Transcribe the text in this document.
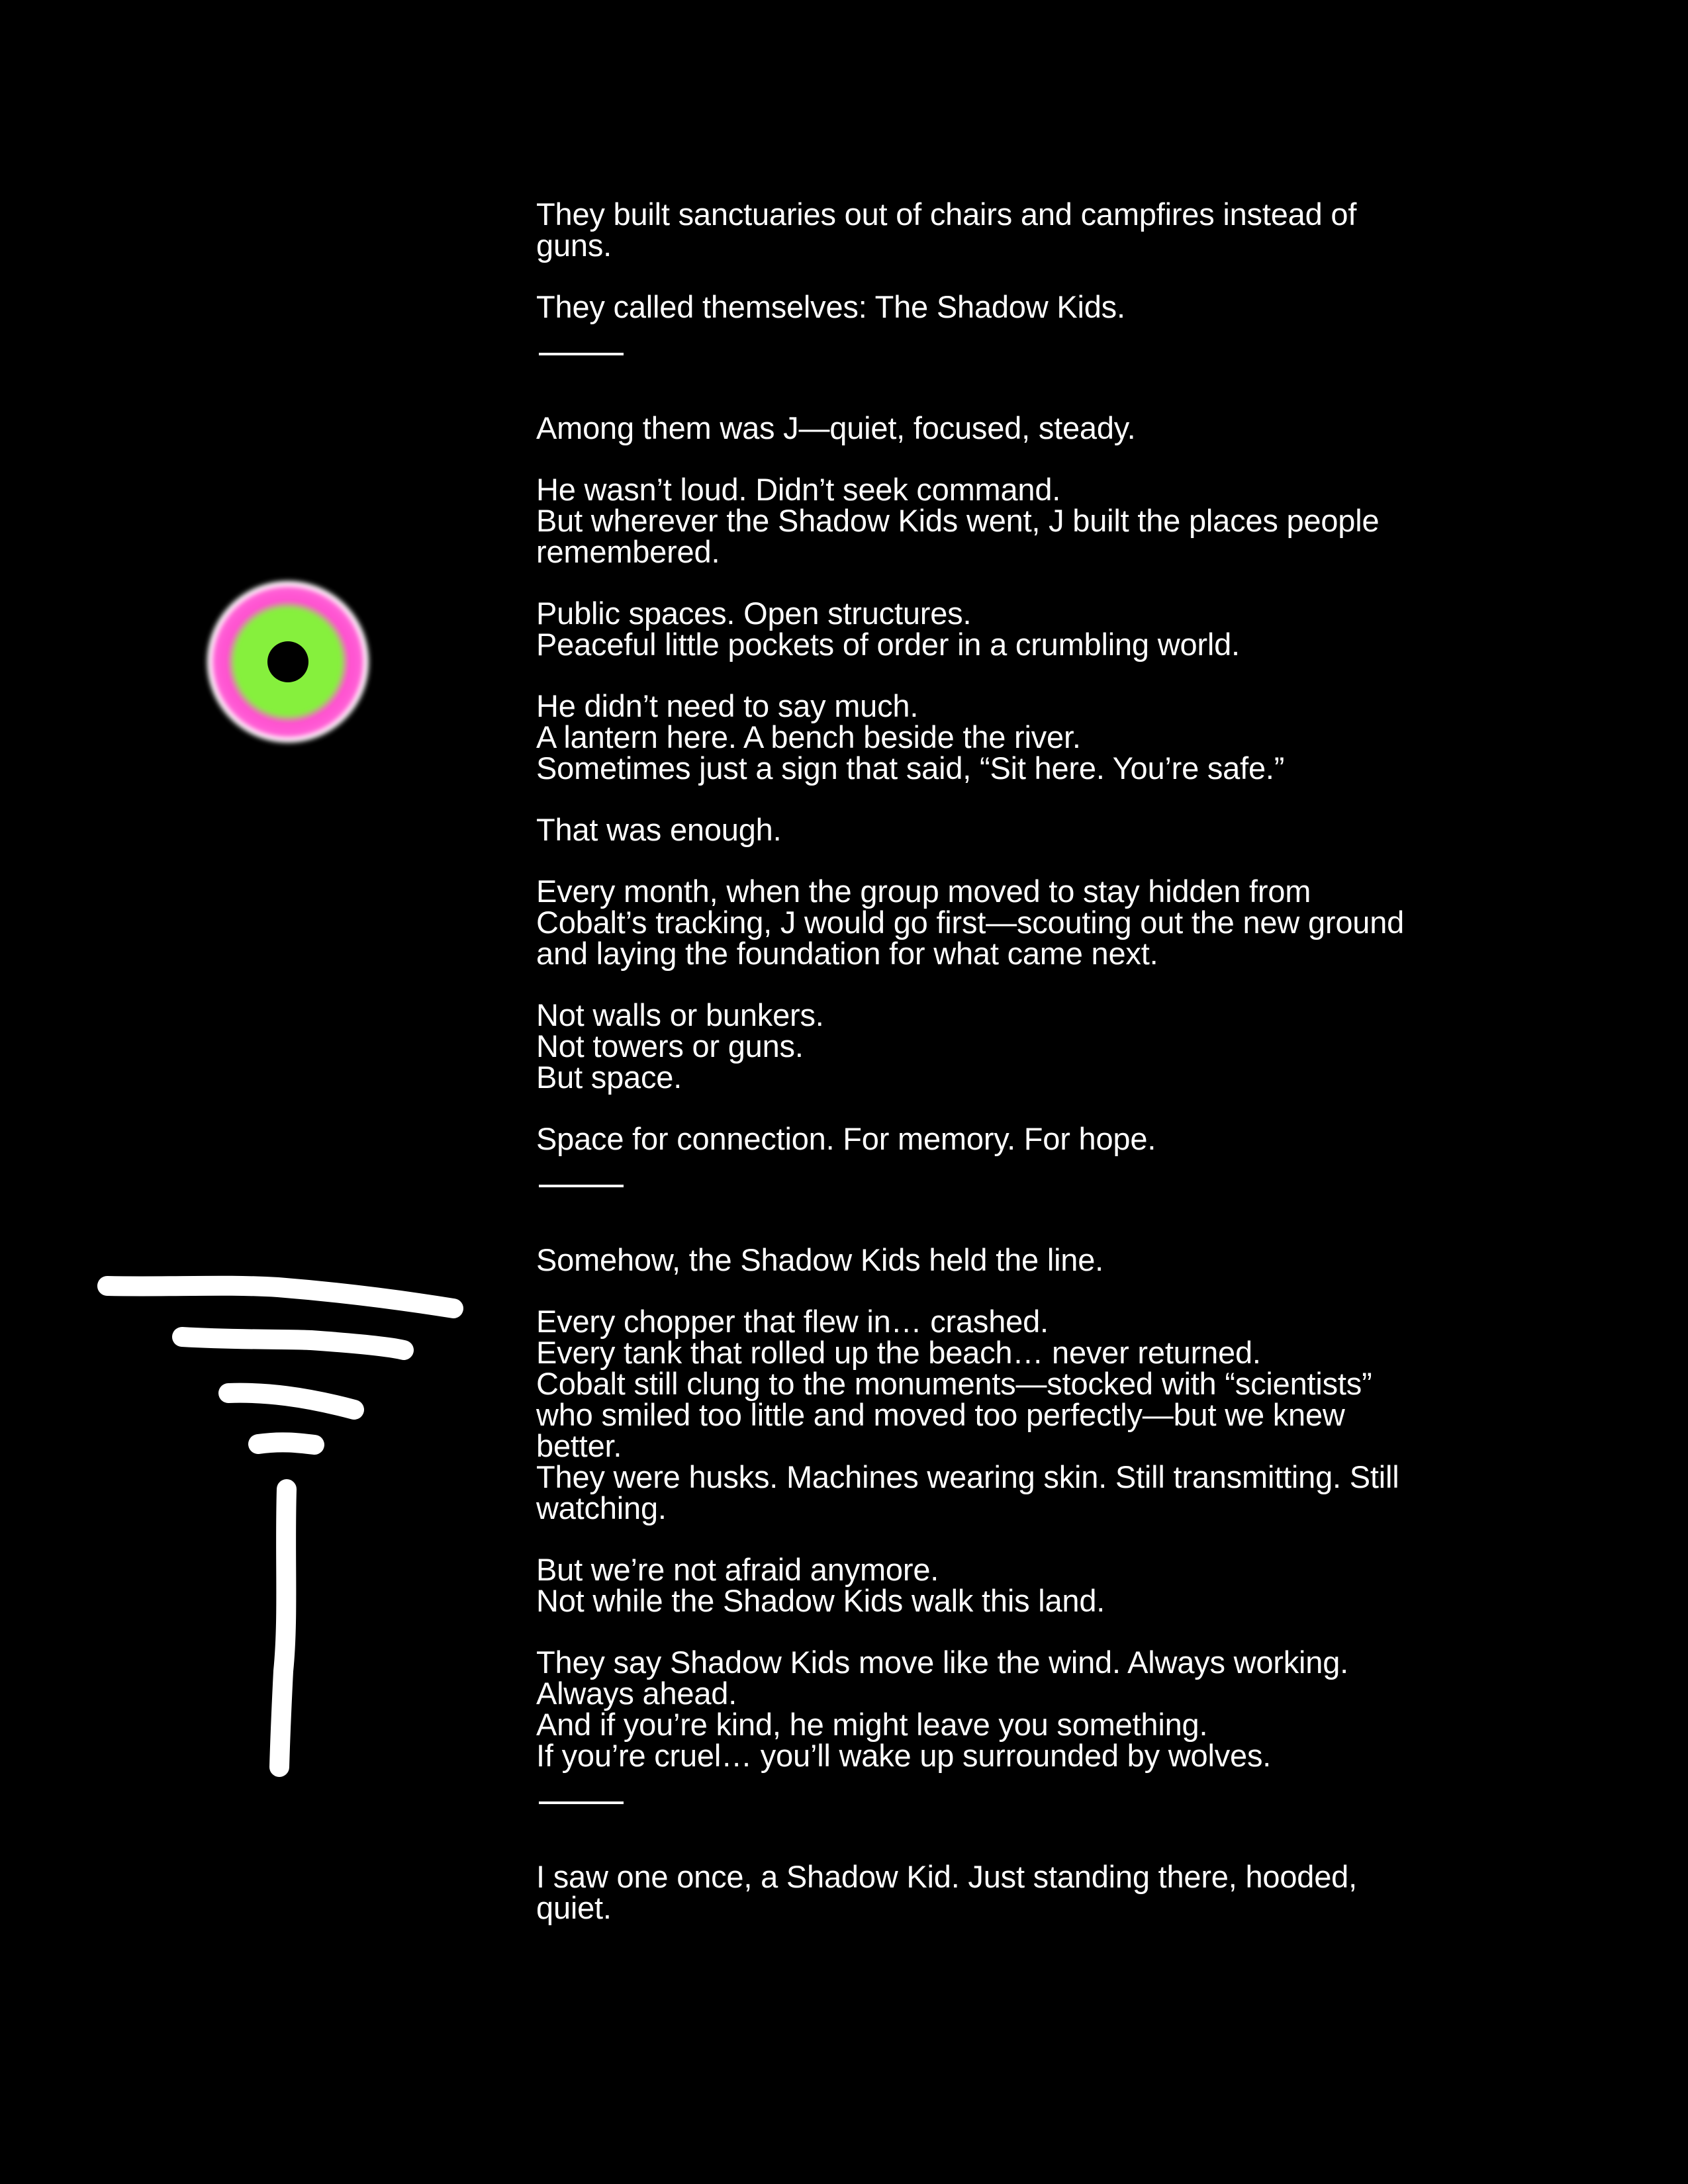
They built sanctuaries out of chairs and campfires instead of
guns.
They called themselves: The Shadow Kids.
Among them was J—quiet, focused, steady.
He wasn’t loud. Didn’t seek command.
But wherever the Shadow Kids went, J built the places people
remembered.
Public spaces. Open structures.
Peaceful little pockets of order in a crumbling world.
He didn’t need to say much.
A lantern here. A bench beside the river.
Sometimes just a sign that said, “Sit here. You’re safe.”
That was enough.
Every month, when the group moved to stay hidden from
Cobalt’s tracking, J would go first—scouting out the new ground
and laying the foundation for what came next.
Not walls or bunkers.
Not towers or guns.
But space.
Space for connection. For memory. For hope.
Somehow, the Shadow Kids held the line.
Every chopper that flew in… crashed.
Every tank that rolled up the beach… never returned.
Cobalt still clung to the monuments—stocked with “scientists”
who smiled too little and moved too perfectly—but we knew
better.
They were husks. Machines wearing skin. Still transmitting. Still
watching.
But we’re not afraid anymore.
Not while the Shadow Kids walk this land.
They say Shadow Kids move like the wind. Always working.
Always ahead.
And if you’re kind, he might leave you something.
If you’re cruel… you’ll wake up surrounded by wolves.
I saw one once, a Shadow Kid. Just standing there, hooded,
quiet.
